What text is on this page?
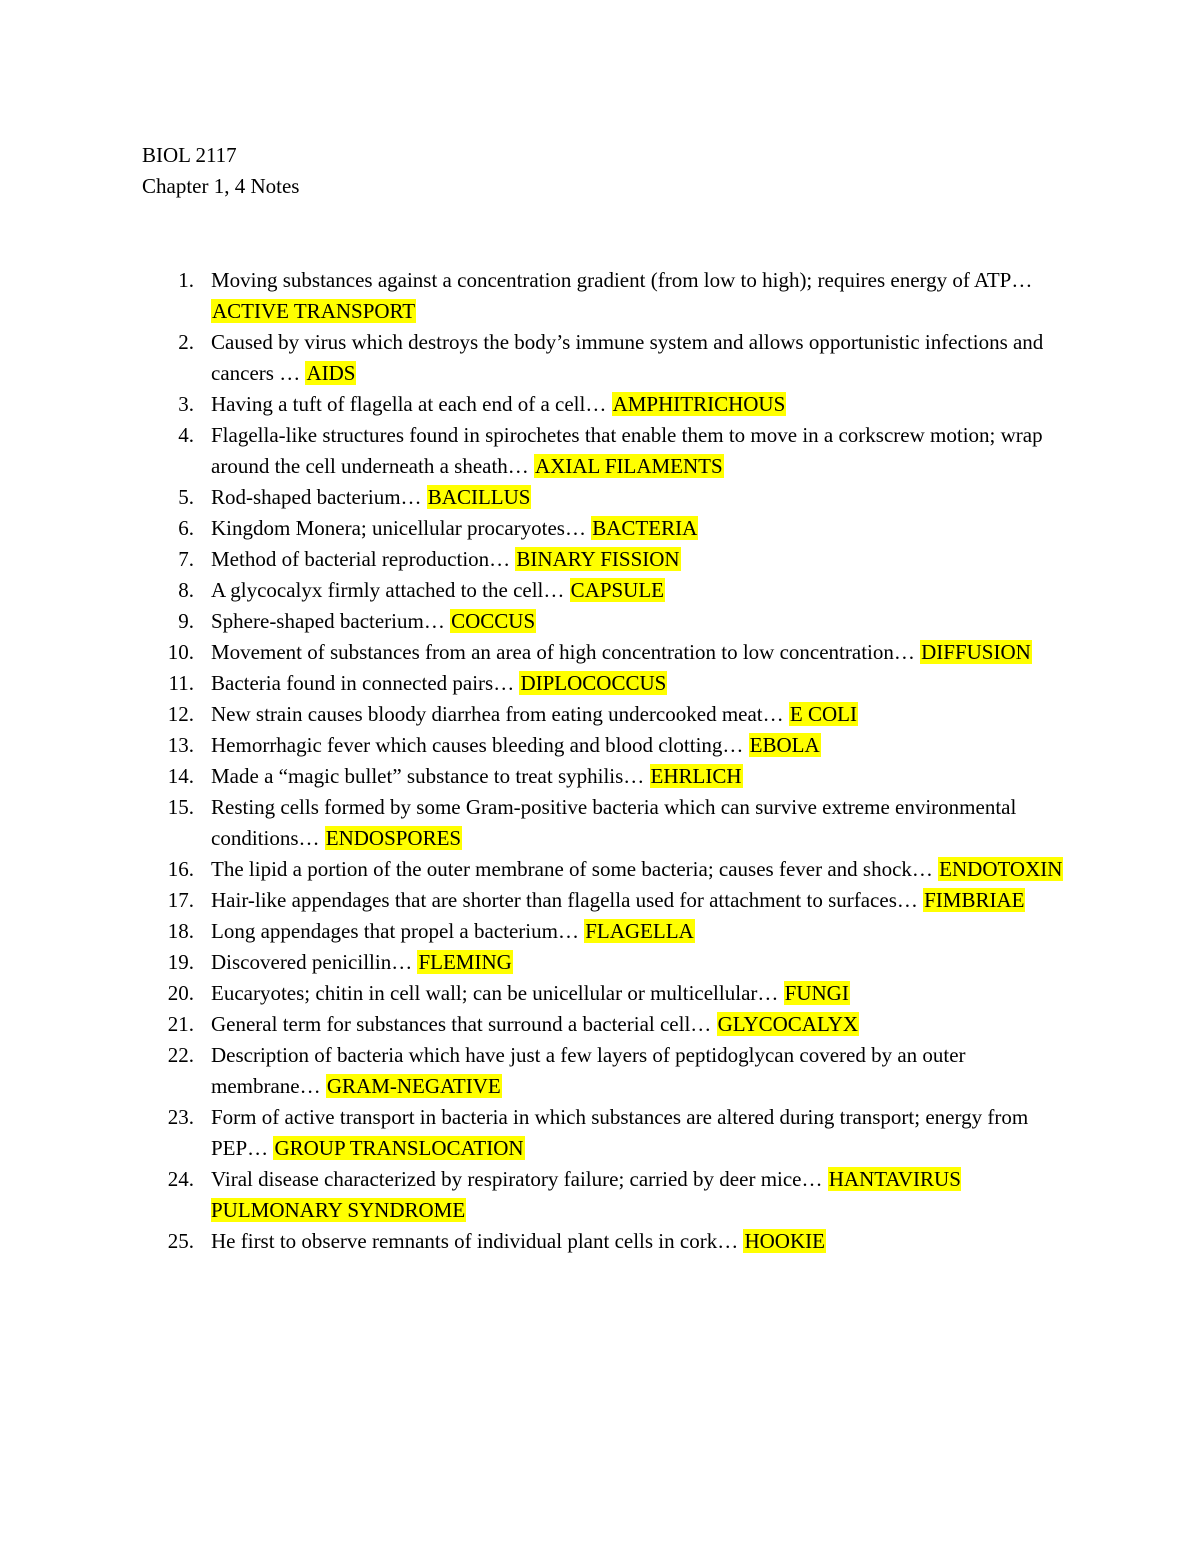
BIOL 2117
Chapter 1, 4 Notes
1. Moving substances against a concentration gradient (from low to high); requires energy of ATP… ACTIVE TRANSPORT
2. Caused by virus which destroys the body’s immune system and allows opportunistic infections and cancers … AIDS
3. Having a tuft of flagella at each end of a cell… AMPHITRICHOUS
4. Flagella-like structures found in spirochetes that enable them to move in a corkscrew motion; wrap around the cell underneath a sheath… AXIAL FILAMENTS
5. Rod-shaped bacterium… BACILLUS
6. Kingdom Monera; unicellular procaryotes… BACTERIA
7. Method of bacterial reproduction… BINARY FISSION
8. A glycocalyx firmly attached to the cell… CAPSULE
9. Sphere-shaped bacterium… COCCUS
10. Movement of substances from an area of high concentration to low concentration… DIFFUSION
11. Bacteria found in connected pairs… DIPLOCOCCUS
12. New strain causes bloody diarrhea from eating undercooked meat… E COLI
13. Hemorrhagic fever which causes bleeding and blood clotting… EBOLA
14. Made a “magic bullet” substance to treat syphilis… EHRLICH
15. Resting cells formed by some Gram-positive bacteria which can survive extreme environmental conditions… ENDOSPORES
16. The lipid a portion of the outer membrane of some bacteria; causes fever and shock… ENDOTOXIN
17. Hair-like appendages that are shorter than flagella used for attachment to surfaces… FIMBRIAE
18. Long appendages that propel a bacterium… FLAGELLA
19. Discovered penicillin… FLEMING
20. Eucaryotes; chitin in cell wall; can be unicellular or multicellular… FUNGI
21. General term for substances that surround a bacterial cell… GLYCOCALYX
22. Description of bacteria which have just a few layers of peptidoglycan covered by an outer membrane… GRAM-NEGATIVE
23. Form of active transport in bacteria in which substances are altered during transport; energy from PEP… GROUP TRANSLOCATION
24. Viral disease characterized by respiratory failure; carried by deer mice… HANTAVIRUS PULMONARY SYNDROME
25. He first to observe remnants of individual plant cells in cork… HOOKIE
